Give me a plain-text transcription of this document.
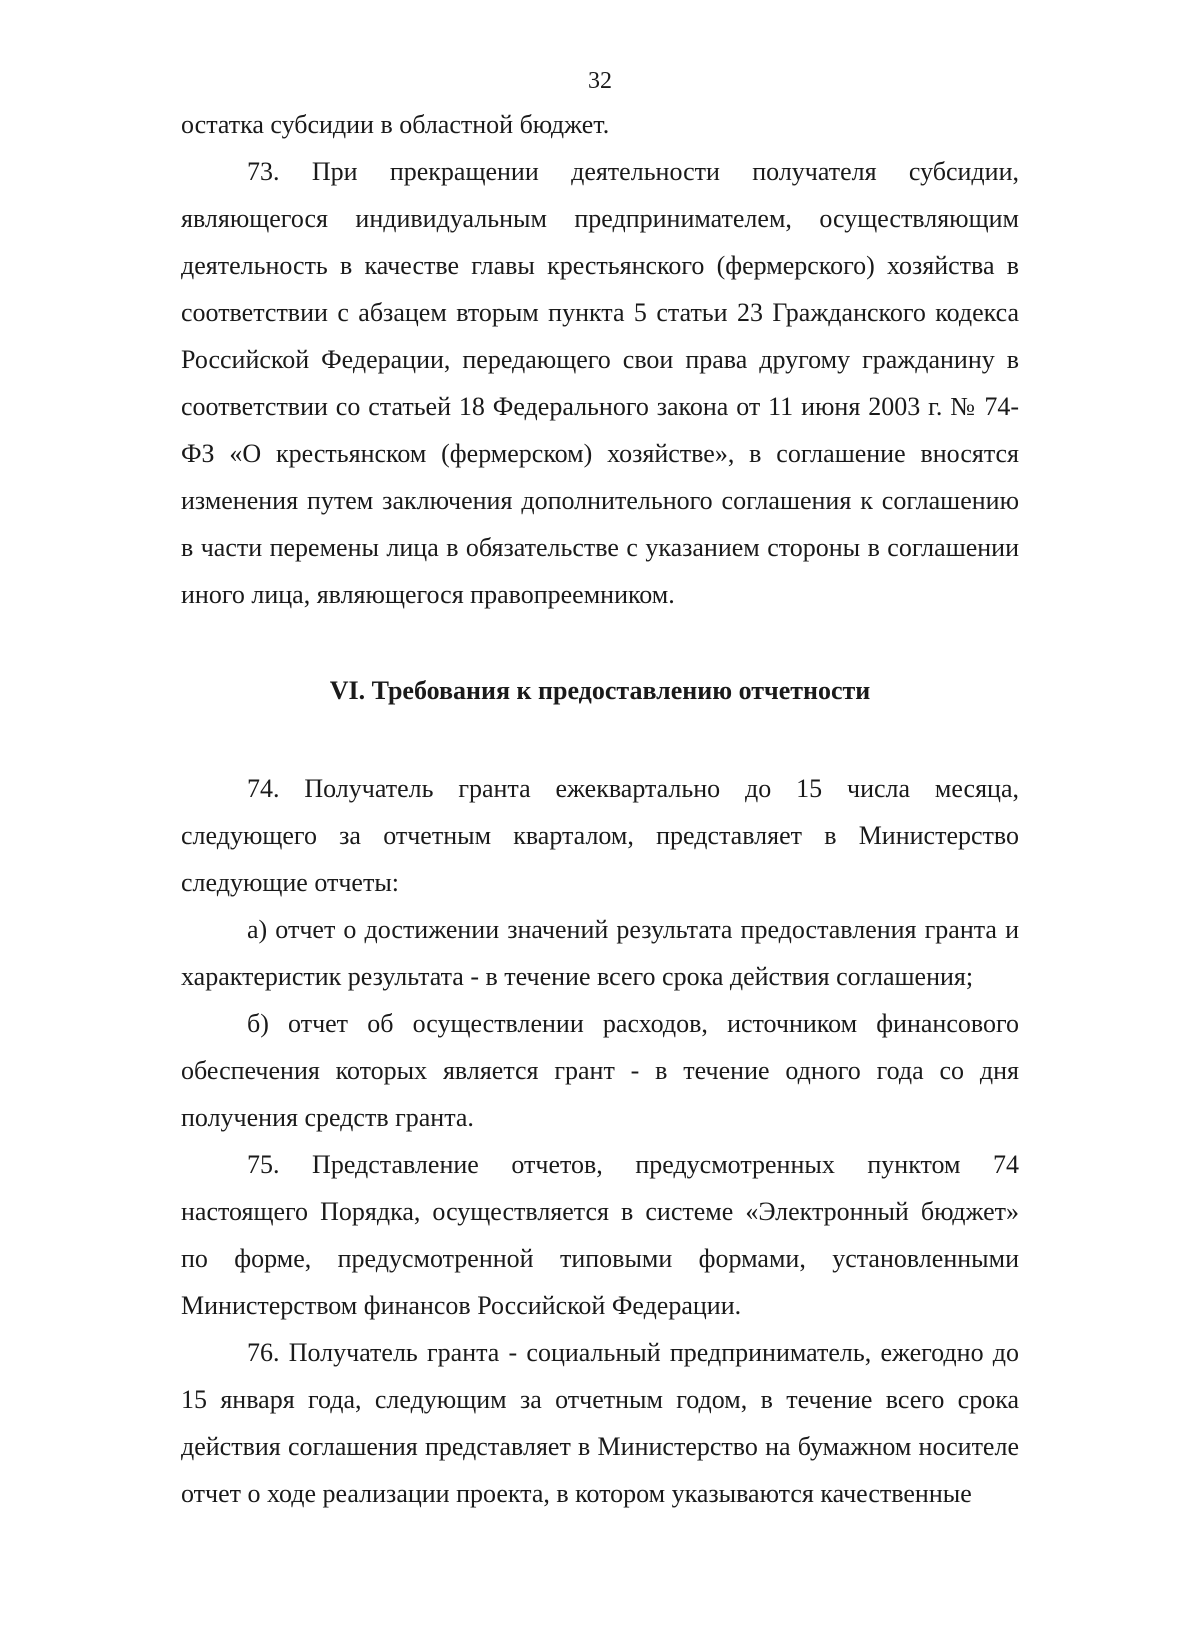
32

остатка субсидии в областной бюджет.

73. При прекращении деятельности получателя субсидии, являющегося индивидуальным предпринимателем, осуществляющим деятельность в качестве главы крестьянского (фермерского) хозяйства в соответствии с абзацем вторым пункта 5 статьи 23 Гражданского кодекса Российской Федерации, передающего свои права другому гражданину в соответствии со статьей 18 Федерального закона от 11 июня 2003 г. № 74-ФЗ «О крестьянском (фермерском) хозяйстве», в соглашение вносятся изменения путем заключения дополнительного соглашения к соглашению в части перемены лица в обязательстве с указанием стороны в соглашении иного лица, являющегося правопреемником.

VI. Требования к предоставлению отчетности

74. Получатель гранта ежеквартально до 15 числа месяца, следующего за отчетным кварталом, представляет в Министерство следующие отчеты:

а) отчет о достижении значений результата предоставления гранта и характеристик результата - в течение всего срока действия соглашения;

б) отчет об осуществлении расходов, источником финансового обеспечения которых является грант - в течение одного года со дня получения средств гранта.

75. Представление отчетов, предусмотренных пунктом 74 настоящего Порядка, осуществляется в системе «Электронный бюджет» по форме, предусмотренной типовыми формами, установленными Министерством финансов Российской Федерации.

76. Получатель гранта - социальный предприниматель, ежегодно до 15 января года, следующим за отчетным годом, в течение всего срока действия соглашения представляет в Министерство на бумажном носителе отчет о ходе реализации проекта, в котором указываются качественные
